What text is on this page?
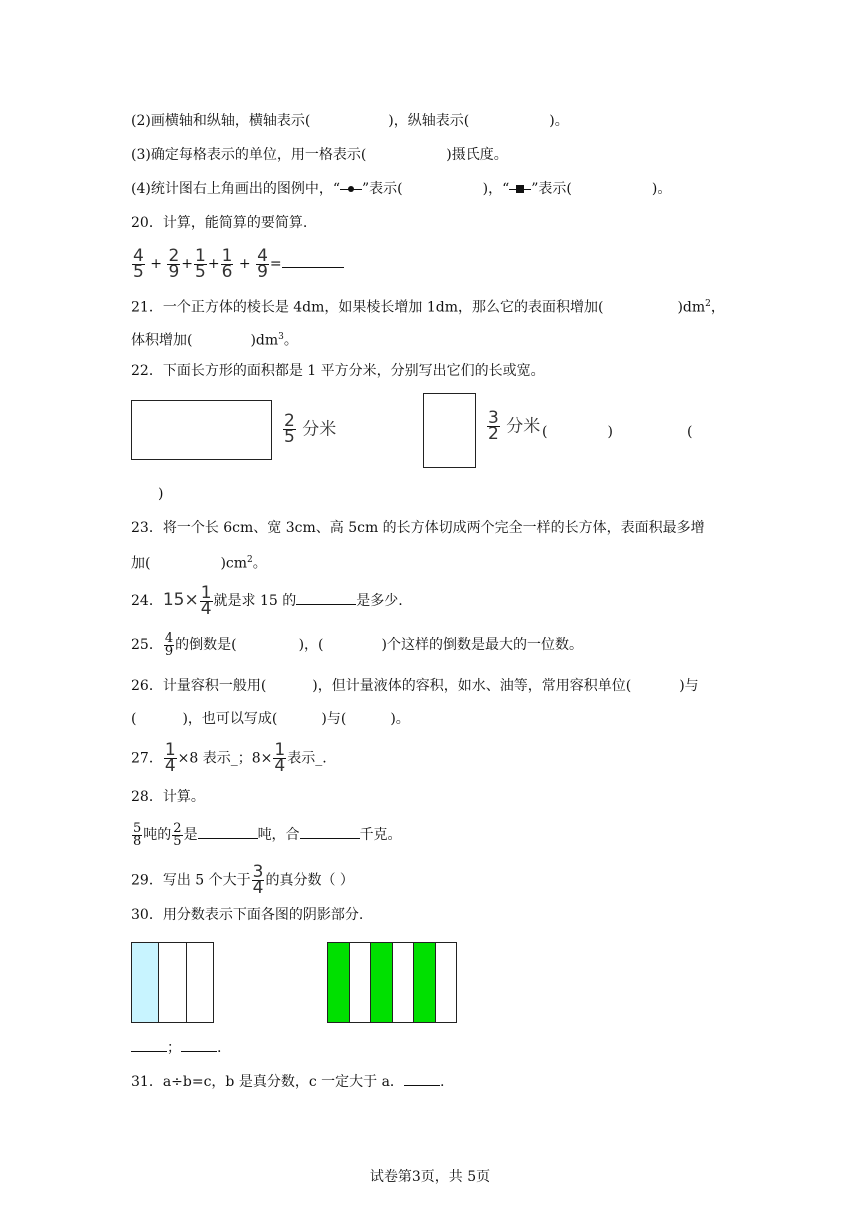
(2)画横轴和纵轴，横轴表示(	)，纵轴表示(	)。
(3)确定每格表示的单位，用一格表示(	)摄氏度。
(4)统计图右上角画出的图例中，“ ”表示(	)，“ ”表示(	)。
20．计算，能简算的要简算.
$\frac{4}{5} + \frac{2}{9} + \frac{1}{5} + \frac{1}{6} + \frac{4}{9}$ =
21．一个正方体的棱长是 4dm，如果棱长增加 1dm，那么它的表面积增加(	)$dm^2$，
体积增加(	)$dm^3$。
22．下面长方形的面积都是 1 平方分米，分别写出它们的长或宽。
$\frac{2}{5}$ 分米	$\frac{3}{2}$ 分米 (	)	(
)
23．将一个长 6cm、宽 3cm、高 5cm 的长方体切成两个完全一样的长方体，表面积最多增
加(	)$cm^2$。
24．$15\times \frac{1}{4}$ 就是求 15 的	是多少.
25． $\frac{4}{9}$ 的倒数是(	)，(	)个这样的倒数是最大的一位数。
26．计量容积一般用(	)，但计量液体的容积，如水、油等，常用容积单位(	)与
(	)，也可以写成(	)与(	)。
27． $\frac{1}{4} \times 8$ 表示_；$8\times \frac{1}{4}$ 表示_.
28．计算。
$\frac{5}{8}$ 吨的 $\frac{2}{5}$ 是	吨，合	千克。
29．写出 5 个大于 $\frac{3}{4}$ 的真分数（ ）
30．用分数表示下面各图的阴影部分.
；	.
31．a÷b=c，b 是真分数，c 一定大于 a．	.
试卷第3页，共 5页
